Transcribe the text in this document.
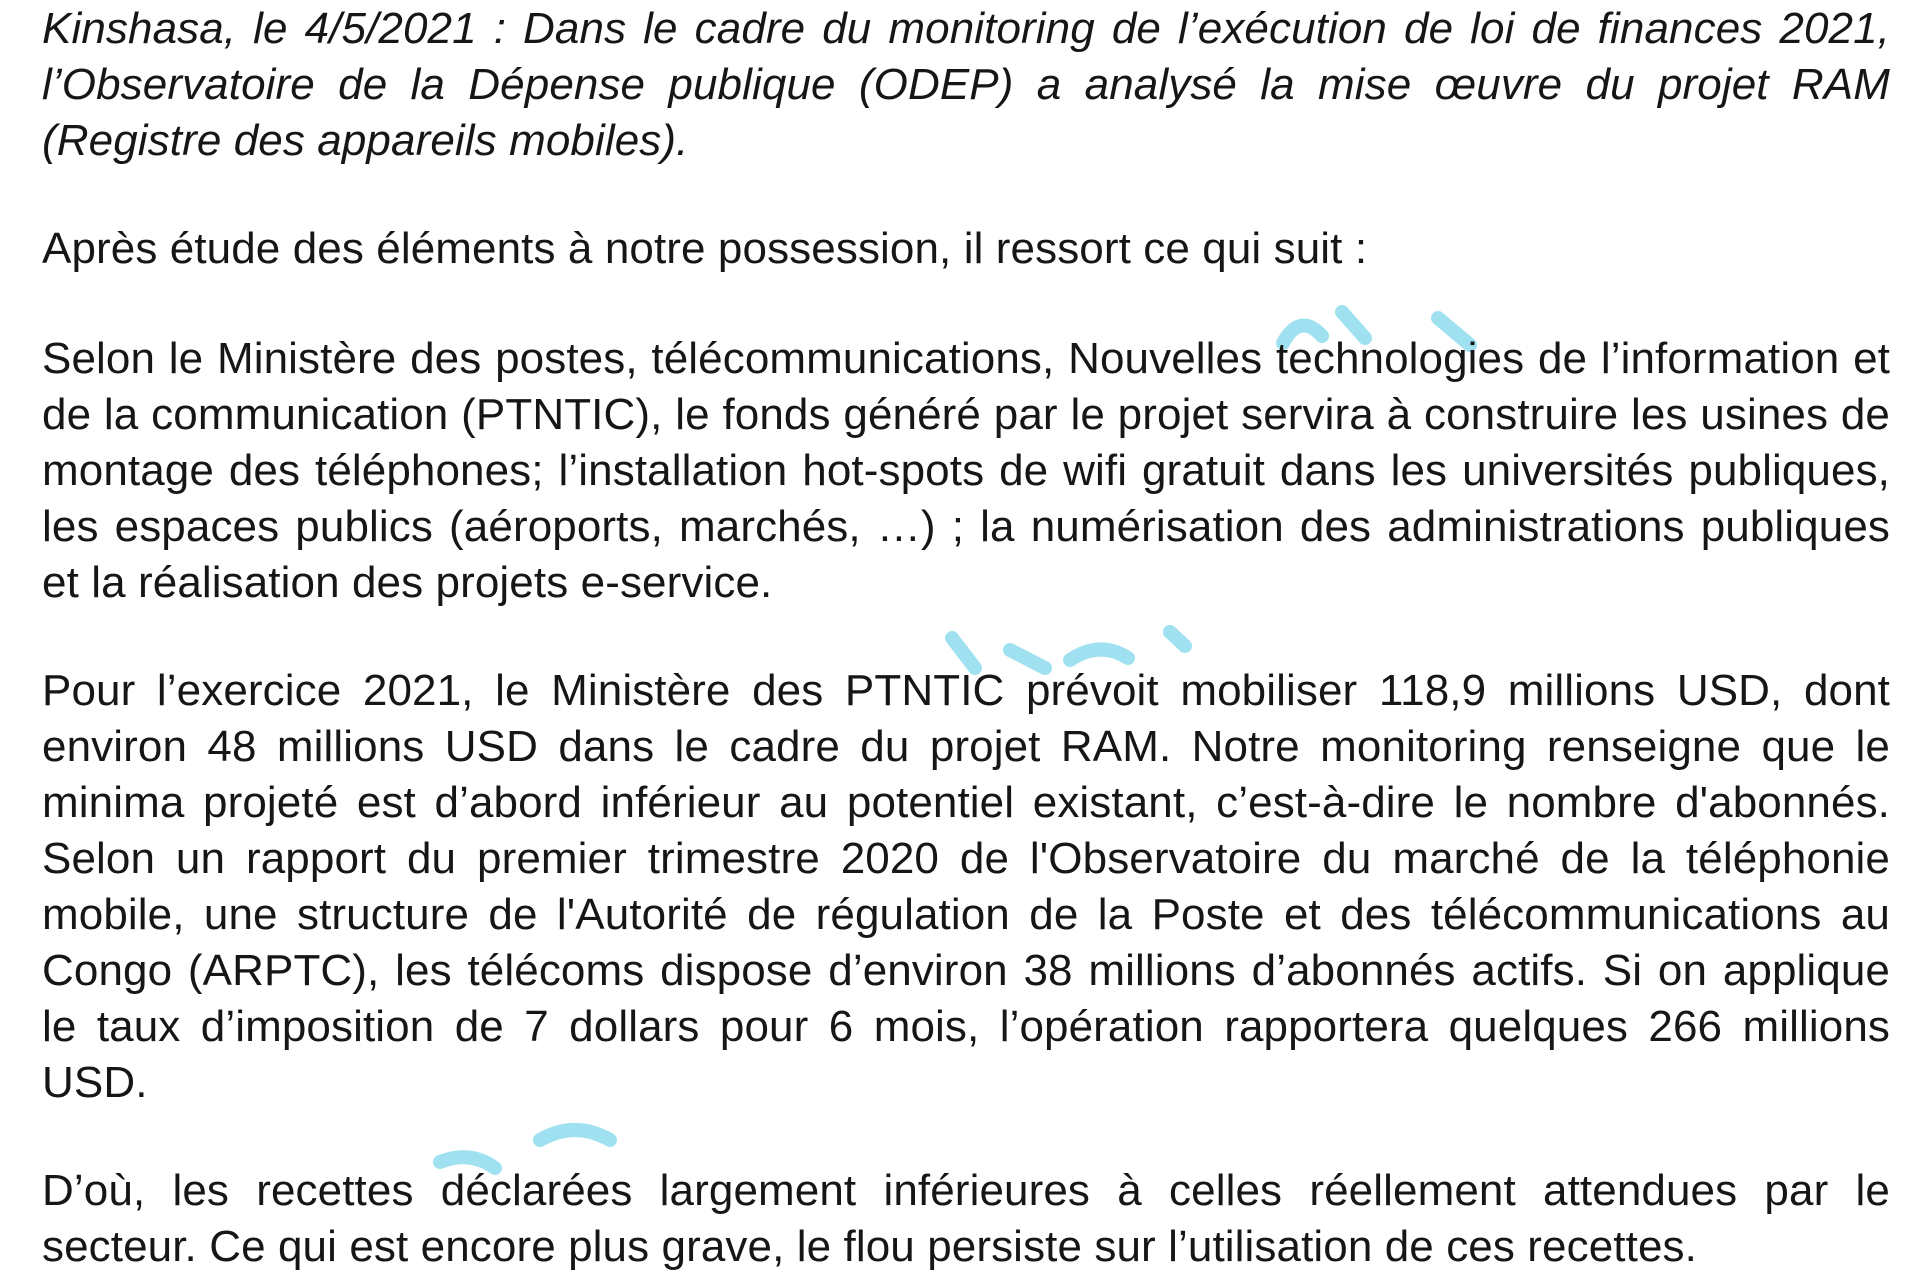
Kinshasa, le 4/5/2021 : Dans le cadre du monitoring de l’exécution de loi de finances 2021, l’Observatoire de la Dépense publique (ODEP) a analysé la mise œuvre du projet RAM (Registre des appareils mobiles).

Après étude des éléments à notre possession, il ressort ce qui suit :

Selon le Ministère des postes, télécommunications, Nouvelles technologies de l’information et de la communication (PTNTIC), le fonds généré par le projet servira à construire les usines de montage des téléphones; l’installation hot-spots de wifi gratuit dans les universités publiques, les espaces publics (aéroports, marchés, …) ; la numérisation des administrations publiques et la réalisation des projets e-service.

Pour l’exercice 2021, le Ministère des PTNTIC prévoit mobiliser 118,9 millions USD, dont environ 48 millions USD dans le cadre du projet RAM. Notre monitoring renseigne que le minima projeté est d’abord inférieur au potentiel existant, c’est-à-dire le nombre d'abonnés. Selon un rapport du premier trimestre 2020 de l'Observatoire du marché de la téléphonie mobile, une structure de l'Autorité de régulation de la Poste et des télécommunications au Congo (ARPTC), les télécoms dispose d’environ 38 millions d’abonnés actifs. Si on applique le taux d’imposition de 7 dollars pour 6 mois, l’opération rapportera quelques 266 millions USD.

D’où, les recettes déclarées largement inférieures à celles réellement attendues par le secteur. Ce qui est encore plus grave, le flou persiste sur l’utilisation de ces recettes.
